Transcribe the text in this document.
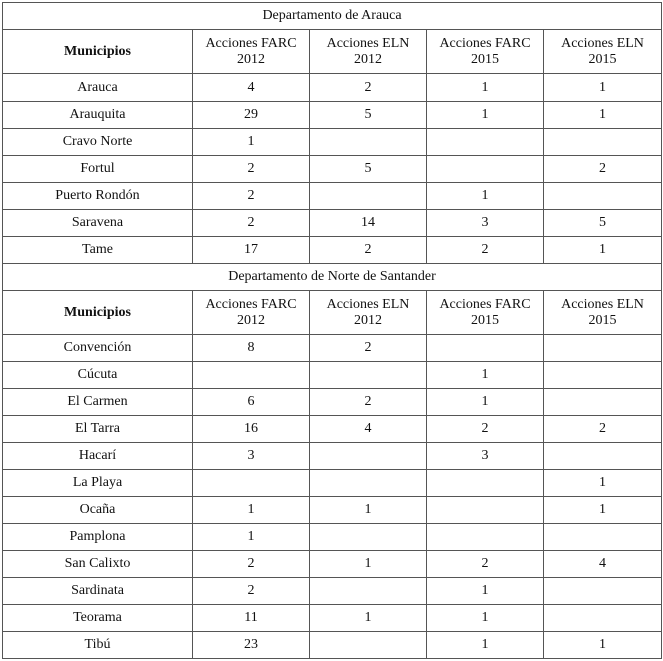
Departamento de Arauca				
Municipios	Acciones FARC 2012	Acciones ELN 2012	Acciones FARC 2015	Acciones ELN 2015
Arauca	4	2	1	1
Arauquita	29	5	1	1
Cravo Norte	1			
Fortul	2	5		2
Puerto Rondón	2		1	
Saravena	2	14	3	5
Tame	17	2	2	1
Departamento de Norte de Santander				
Municipios	Acciones FARC 2012	Acciones ELN 2012	Acciones FARC 2015	Acciones ELN 2015
Convención	8	2		
Cúcuta			1	
El Carmen	6	2	1	
El Tarra	16	4	2	2
Hacarí	3		3	
La Playa				1
Ocaña	1	1		1
Pamplona	1			
San Calixto	2	1	2	4
Sardinata	2		1	
Teorama	11	1	1	
Tibú	23		1	1
